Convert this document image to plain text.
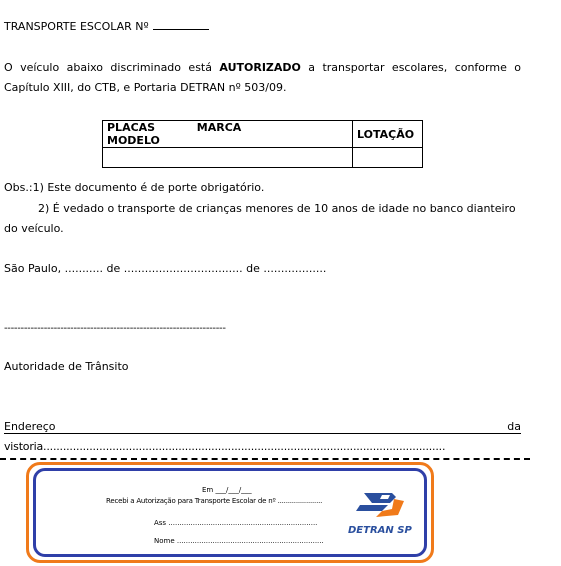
TRANSPORTE ESCOLAR Nº
O veículo abaixo discriminado está AUTORIZADO a transportar escolares, conforme o
Capítulo XIII, do CTB, e Portaria DETRAN nº 503/09.
PLACAS MARCA  MODELO	LOTAÇÃO

Obs.:1) Este documento é de porte obrigatório.
2) É vedado o transporte de crianças menores de 10 anos de idade no banco dianteiro
do veículo.
São Paulo, ........... de .................................. de ..................
-------------------------------------------------------------------
Autoridade de Trânsito
Endereço	da
vistoria..........................................................................................................................
Em ___/___/___
Recebi a Autorização para Transporte Escolar de nº ......................
Ass ...................................................................
Nome ..................................................................
DETRAN SP
